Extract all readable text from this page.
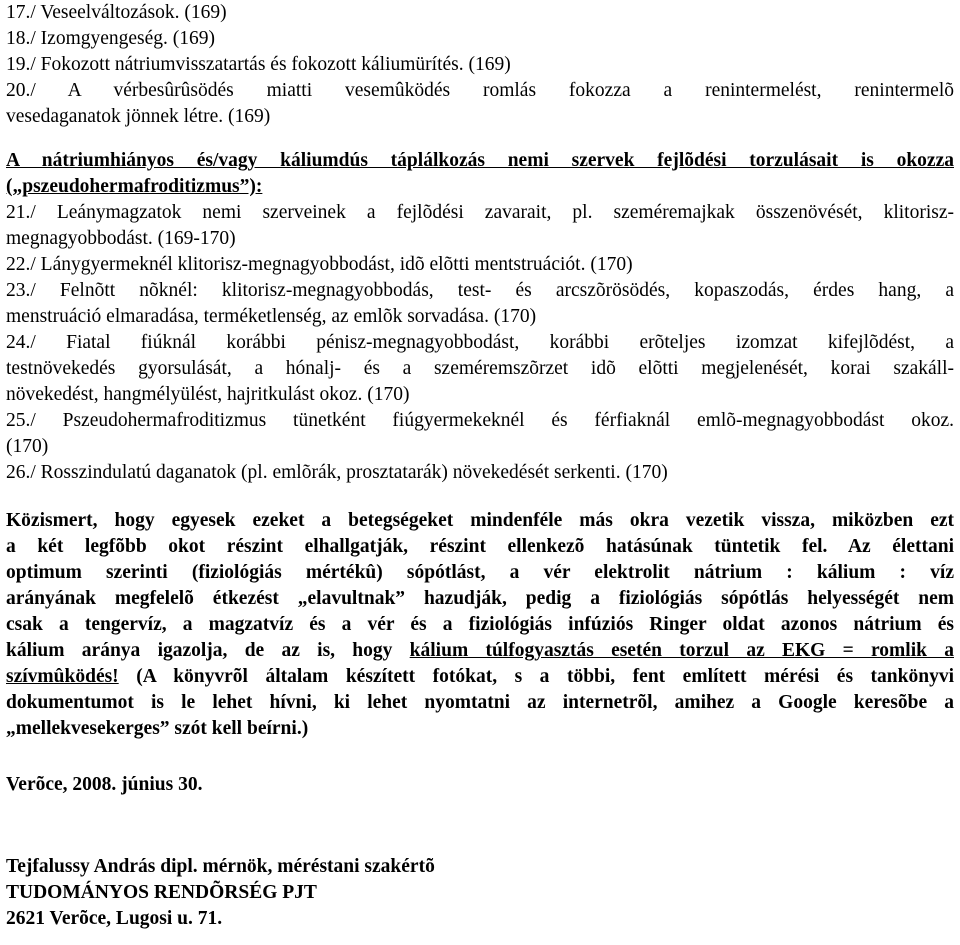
17./ Veseelváltozások. (169)
18./ Izomgyengeség. (169)
19./ Fokozott nátriumvisszatartás és fokozott káliumürítés. (169)
20./ A vérbesûrûsödés miatti vesemûködés romlás fokozza a renintermelést, renintermelõ
vesedaganatok jönnek létre. (169)
A nátriumhiányos és/vagy káliumdús táplálkozás nemi szervek fejlõdési torzulásait is okozza
(„pszeudohermafroditizmus”):
21./ Leánymagzatok nemi szerveinek a fejlõdési zavarait, pl. szeméremajkak összenövését, klitorisz-
megnagyobbodást. (169-170)
22./ Lánygyermeknél klitorisz-megnagyobbodást, idõ elõtti mentstruációt. (170)
23./ Felnõtt nõknél: klitorisz-megnagyobbodás, test- és arcszõrösödés, kopaszodás, érdes hang, a
menstruáció elmaradása, terméketlenség, az emlõk sorvadása. (170)
24./ Fiatal fiúknál korábbi pénisz-megnagyobbodást, korábbi erõteljes izomzat kifejlõdést, a
testnövekedés gyorsulását, a hónalj- és a szeméremszõrzet idõ elõtti megjelenését, korai szakáll-
növekedést, hangmélyülést, hajritkulást okoz. (170)
25./ Pszeudohermafroditizmus tünetként fiúgyermekeknél és férfiaknál emlõ-megnagyobbodást okoz.
(170)
26./ Rosszindulatú daganatok (pl. emlõrák, prosztatarák) növekedését serkenti. (170)
Közismert, hogy egyesek ezeket a betegségeket mindenféle más okra vezetik vissza, miközben ezt
a két legfõbb okot részint elhallgatják, részint ellenkezõ hatásúnak tüntetik fel. Az élettani
optimum szerinti (fiziológiás mértékû) sópótlást, a vér elektrolit nátrium : kálium : víz
arányának megfelelõ étkezést „elavultnak” hazudják, pedig a fiziológiás sópótlás helyességét nem
csak a tengervíz, a magzatvíz és a vér és a fiziológiás infúziós Ringer oldat azonos nátrium és
kálium aránya igazolja, de az is, hogy kálium túlfogyasztás esetén torzul az EKG = romlik a
szívmûködés! (A könyvrõl általam készített fotókat, s a többi, fent említett mérési és tankönyvi
dokumentumot is le lehet hívni, ki lehet nyomtatni az internetrõl, amihez a Google keresõbe a
„mellekvesekerges” szót kell beírni.)
Verõce, 2008. június 30.
Tejfalussy András dipl. mérnök, méréstani szakértõ
TUDOMÁNYOS RENDÕRSÉG PJT
2621 Verõce, Lugosi u. 71.
